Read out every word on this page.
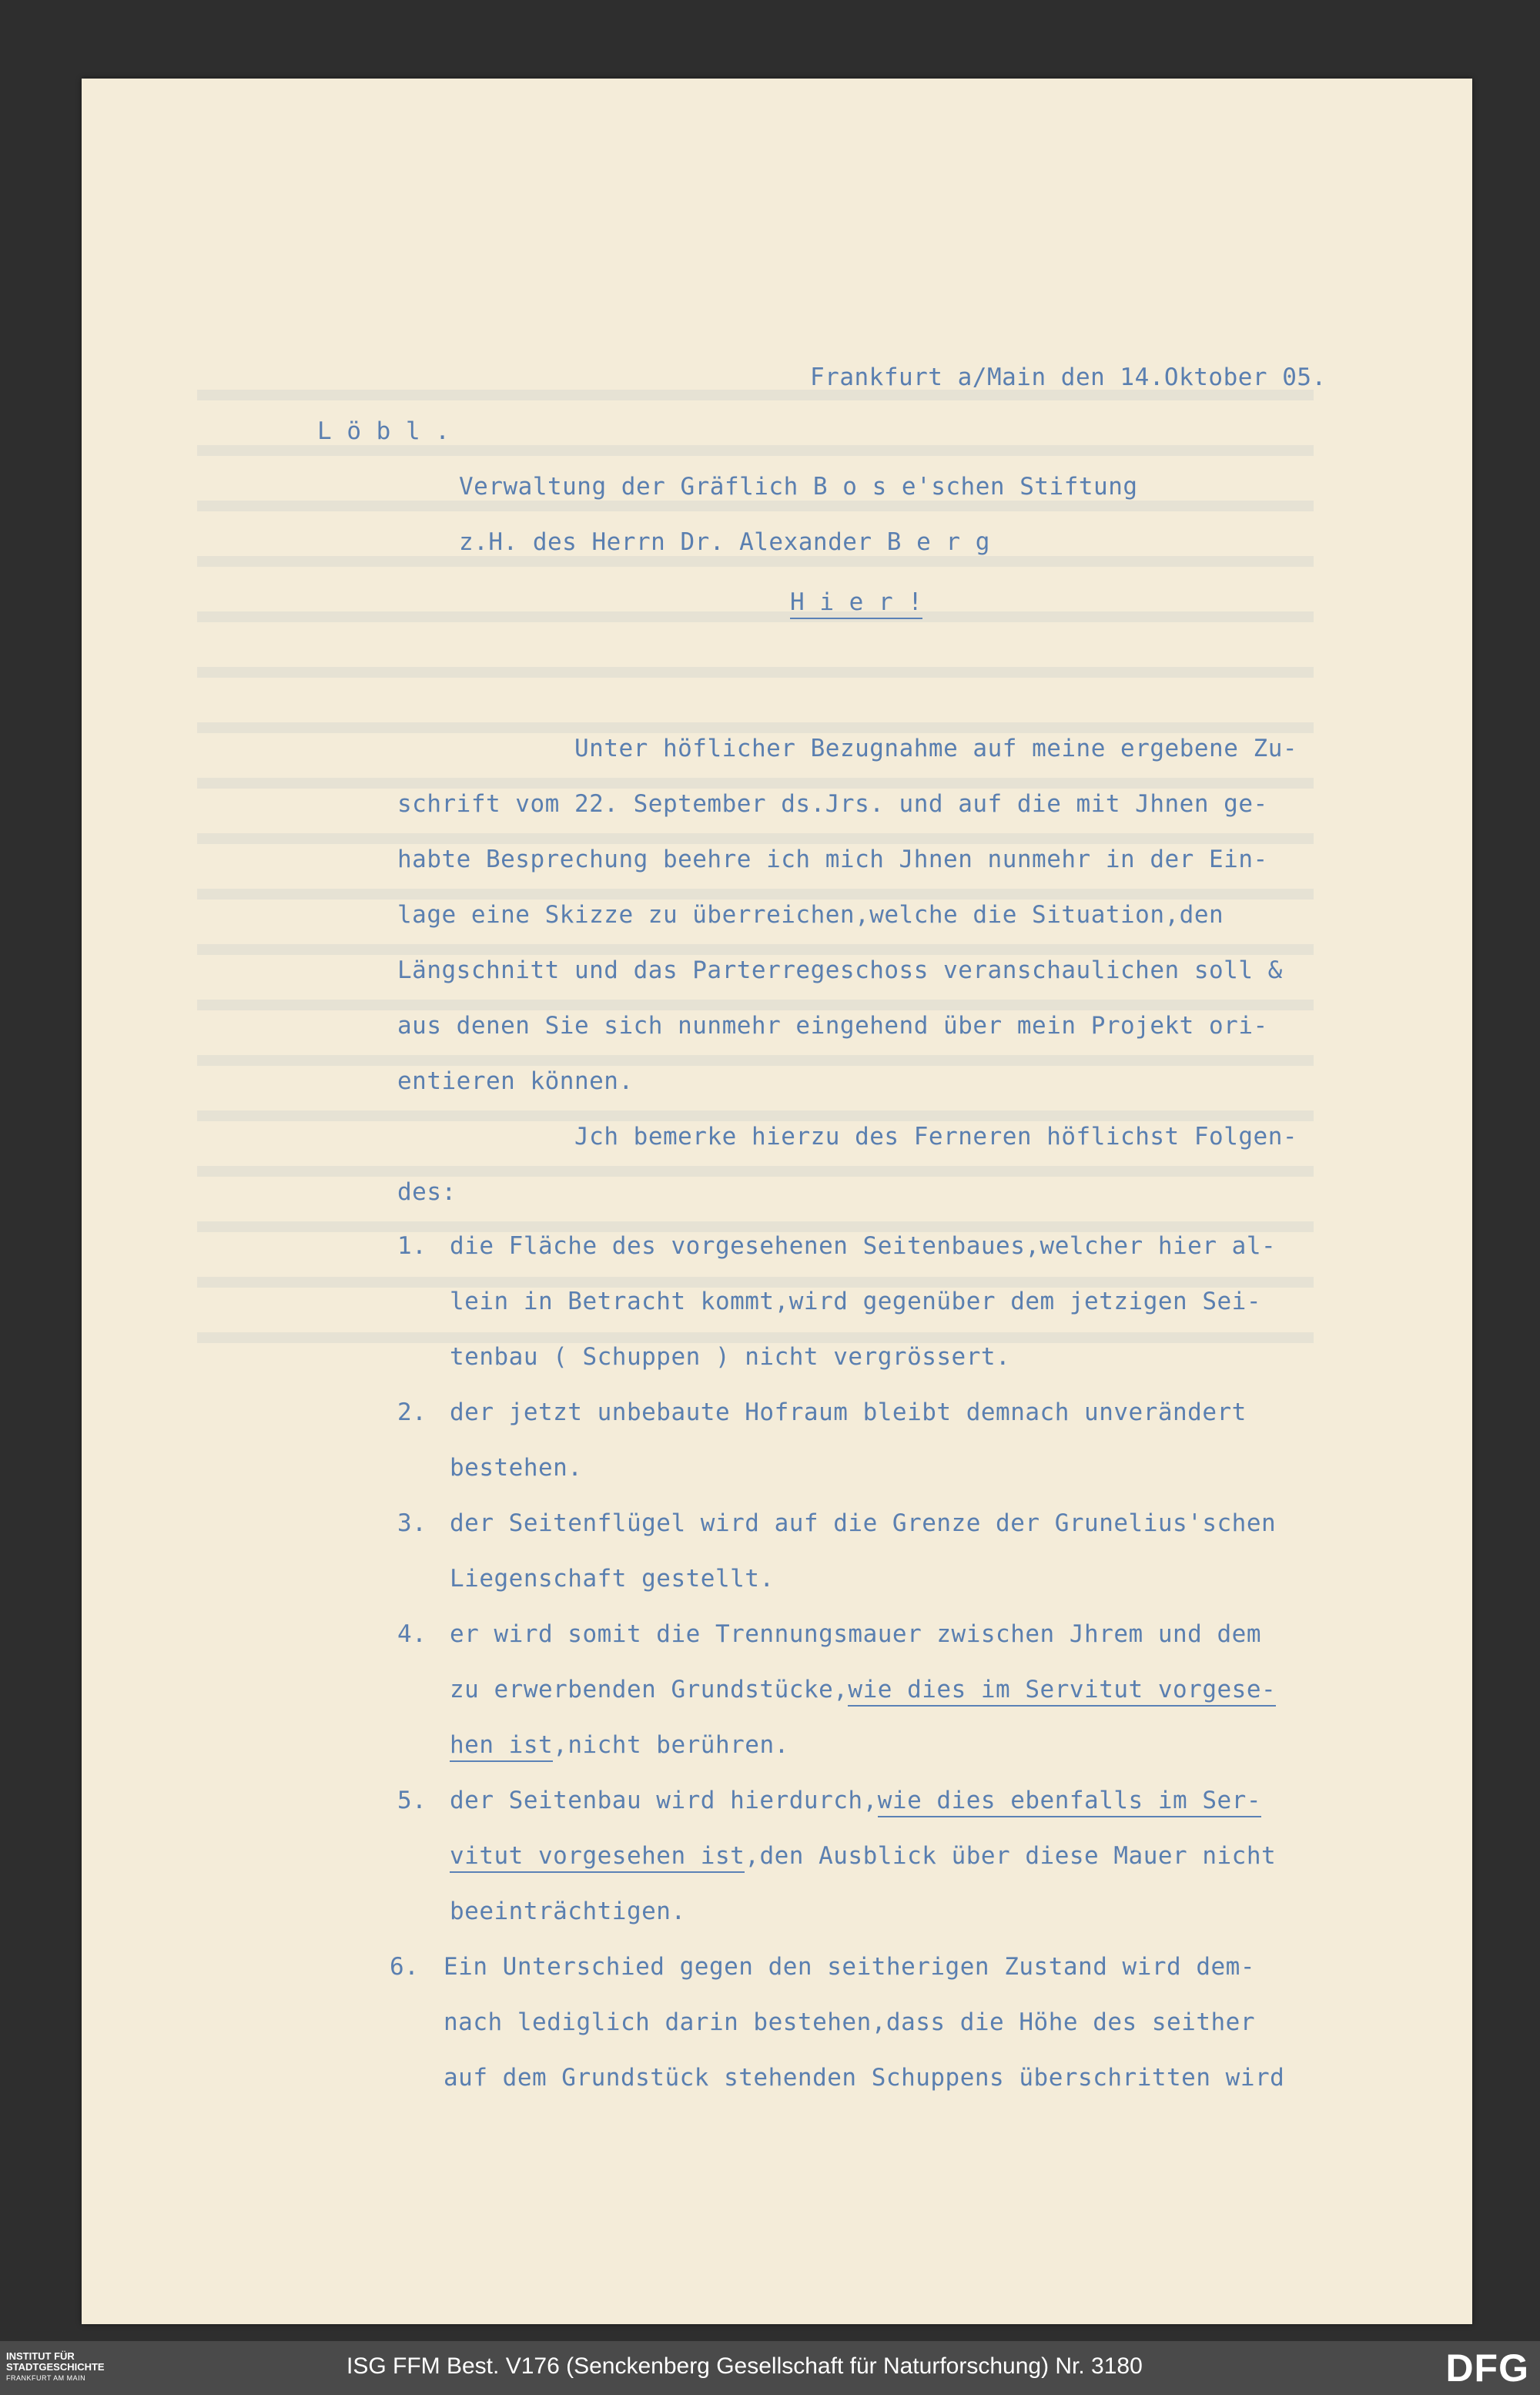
Frankfurt a/Main den 14.Oktober 05.
L ö b l .
Verwaltung der Gräflich B o s e'schen Stiftung
z.H. des Herrn Dr. Alexander B e r g
H i e r !
Unter höflicher Bezugnahme auf meine ergebene Zu-
schrift vom 22. September ds.Jrs. und auf die mit Jhnen ge-
habte Besprechung beehre ich mich Jhnen nunmehr in der Ein-
lage eine Skizze zu überreichen,welche die Situation,den
Längschnitt und das Parterregeschoss veranschaulichen soll &
aus denen Sie sich nunmehr eingehend über mein Projekt ori-
entieren können.
Jch bemerke hierzu des Ferneren höflichst Folgen-
des:
1. die Fläche des vorgesehenen Seitenbaues,welcher hier al-
lein in Betracht kommt,wird gegenüber dem jetzigen Sei-
tenbau ( Schuppen ) nicht vergrössert.
2. der jetzt unbebaute Hofraum bleibt demnach unverändert
bestehen.
3. der Seitenflügel wird auf die Grenze der Grunelius'schen
Liegenschaft gestellt.
4. er wird somit die Trennungsmauer zwischen Jhrem und dem
zu erwerbenden Grundstücke,wie dies im Servitut vorgese-
hen ist,nicht berühren.
5. der Seitenbau wird hierdurch,wie dies ebenfalls im Ser-
vitut vorgesehen ist,den Ausblick über diese Mauer nicht
beeinträchtigen.
6. Ein Unterschied gegen den seitherigen Zustand wird dem-
nach lediglich darin bestehen,dass die Höhe des seither
auf dem Grundstück stehenden Schuppens überschritten wird
INSTITUT FÜR
STADTGESCHICHTE
FRANKFURT AM MAIN	ISG FFM Best. V176 (Senckenberg Gesellschaft für Naturforschung) Nr. 3180	DFG
